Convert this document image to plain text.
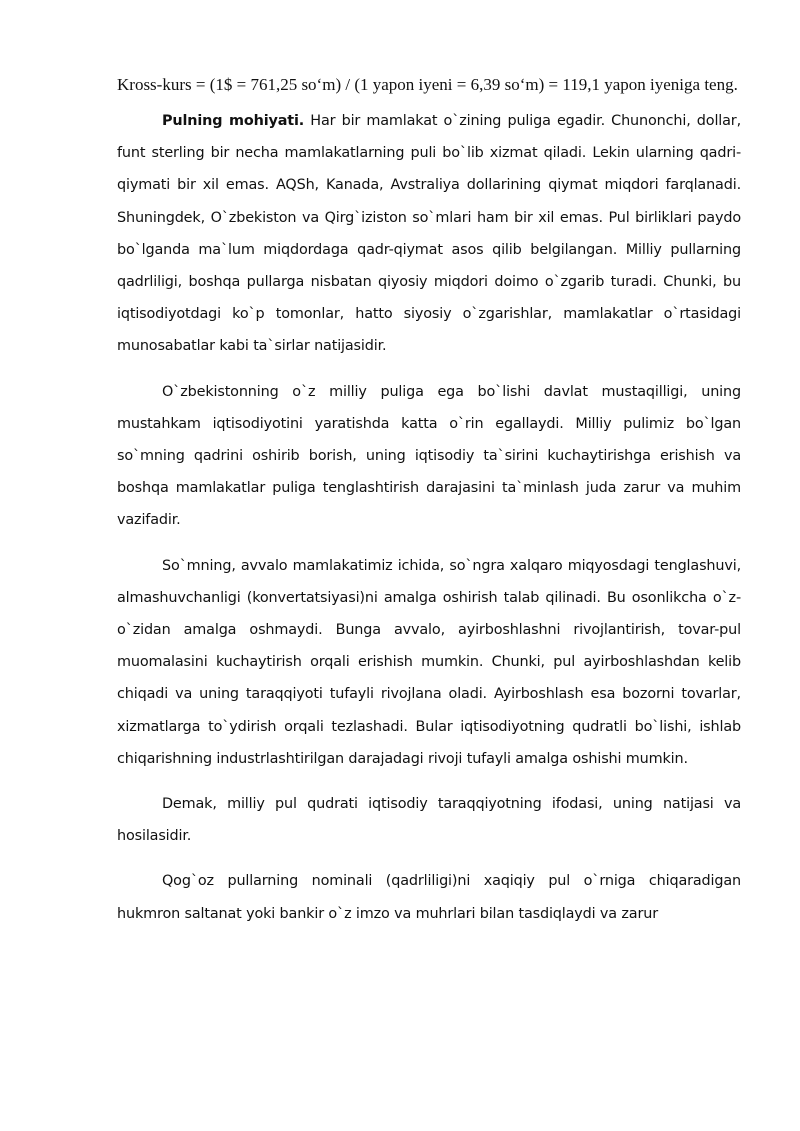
Kross-kurs = (1$ = 761,25 so‘m) / (1 yapon iyeni = 6,39 so‘m) = 119,1 yapon iyeniga teng.

Pulning mohiyati. Har bir mamlakat o`zining puliga egadir. Chunonchi, dollar, funt sterling bir necha mamlakatlarning puli bo`lib xizmat qiladi. Lekin ularning qadri-qiymati bir xil emas. AQSh, Kanada, Avstraliya dollarining qiymat miqdori farqlanadi. Shuningdek, O`zbekiston va Qirg`iziston so`mlari ham bir xil emas. Pul birliklari paydo bo`lganda ma`lum miqdordaga qadr-qiymat asos qilib belgilangan. Milliy pullarning qadrliligi, boshqa pullarga nisbatan qiyosiy miqdori doimo o`zgarib turadi. Chunki, bu iqtisodiyotdagi ko`p tomonlar, hatto siyosiy o`zgarishlar, mamlakatlar o`rtasidagi munosabatlar kabi ta`sirlar natijasidir.

O`zbekistonning o`z milliy puliga ega bo`lishi davlat mustaqilligi, uning mustahkam iqtisodiyotini yaratishda katta o`rin egallaydi. Milliy pulimiz bo`lgan so`mning qadrini oshirib borish, uning iqtisodiy ta`sirini kuchaytirishga erishish va boshqa mamlakatlar puliga tenglashtirish darajasini ta`minlash juda zarur va muhim vazifadir.

So`mning, avvalo mamlakatimiz ichida, so`ngra xalqaro miqyosdagi tenglashuvi, almashuvchanligi (konvertatsiyasi)ni amalga oshirish talab qilinadi. Bu osonlikcha o`z-o`zidan amalga oshmaydi. Bunga avvalo, ayirboshlashni rivojlantirish, tovar-pul muomalasini kuchaytirish orqali erishish mumkin. Chunki, pul ayirboshlashdan kelib chiqadi va uning taraqqiyoti tufayli rivojlana oladi. Ayirboshlash esa bozorni tovarlar, xizmatlarga to`ydirish orqali tezlashadi. Bular iqtisodiyotning qudratli bo`lishi, ishlab chiqarishning industrlashtirilgan darajadagi rivoji tufayli amalga oshishi mumkin.

Demak, milliy pul qudrati iqtisodiy taraqqiyotning ifodasi, uning natijasi va hosilasidir.

Qog`oz pullarning nominali (qadrliligi)ni xaqiqiy pul o`rniga chiqaradigan hukmron saltanat yoki bankir o`z imzo va muhrlari bilan tasdiqlaydi va zarur
